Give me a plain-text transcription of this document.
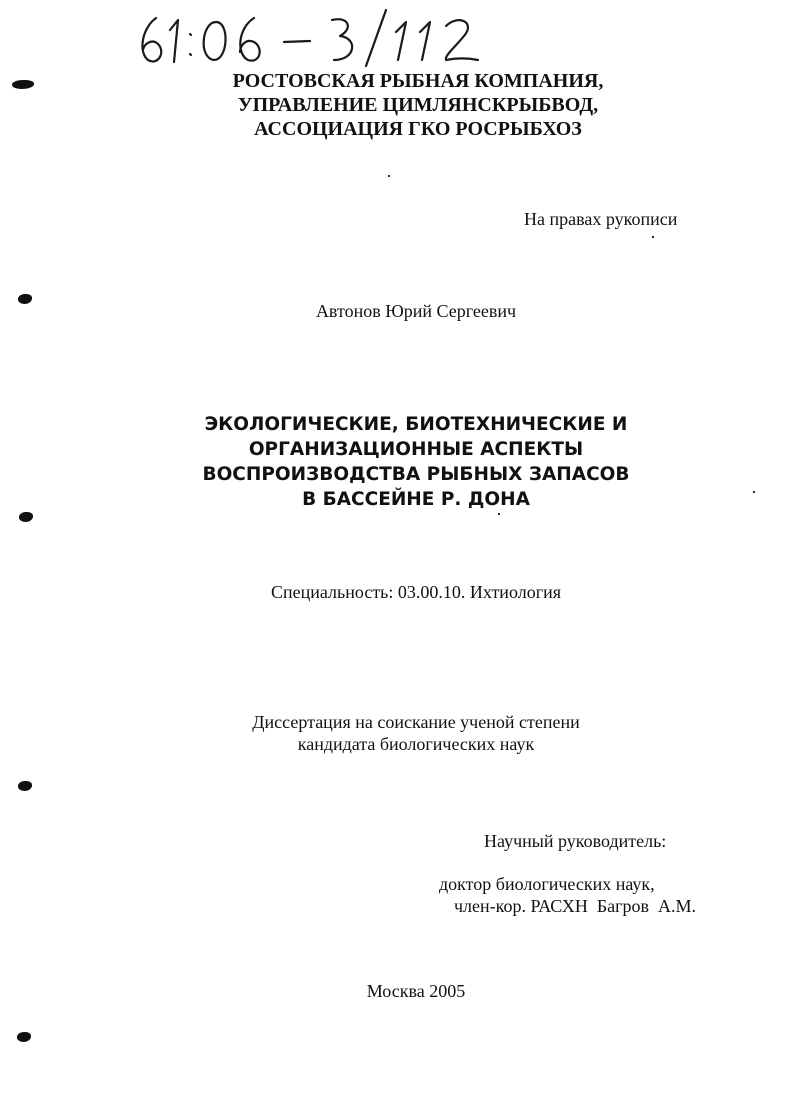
РОСТОВСКАЯ РЫБНАЯ КОМПАНИЯ,
УПРАВЛЕНИЕ ЦИМЛЯНСКРЫБВОД,
АССОЦИАЦИЯ ГКО РОСРЫБХОЗ
На правах рукописи
Автонов Юрий Сергеевич
ЭКОЛОГИЧЕСКИЕ, БИОТЕХНИЧЕСКИЕ И
ОРГАНИЗАЦИОННЫЕ АСПЕКТЫ
ВОСПРОИЗВОДСТВА РЫБНЫХ ЗАПАСОВ
В БАССЕЙНЕ Р. ДОНА
Специальность: 03.00.10. Ихтиология
Диссертация на соискание ученой степени
кандидата биологических наук
Научный руководитель:
доктор биологических наук,
член-кор. РАСХН  Багров  А.М.
Москва 2005
